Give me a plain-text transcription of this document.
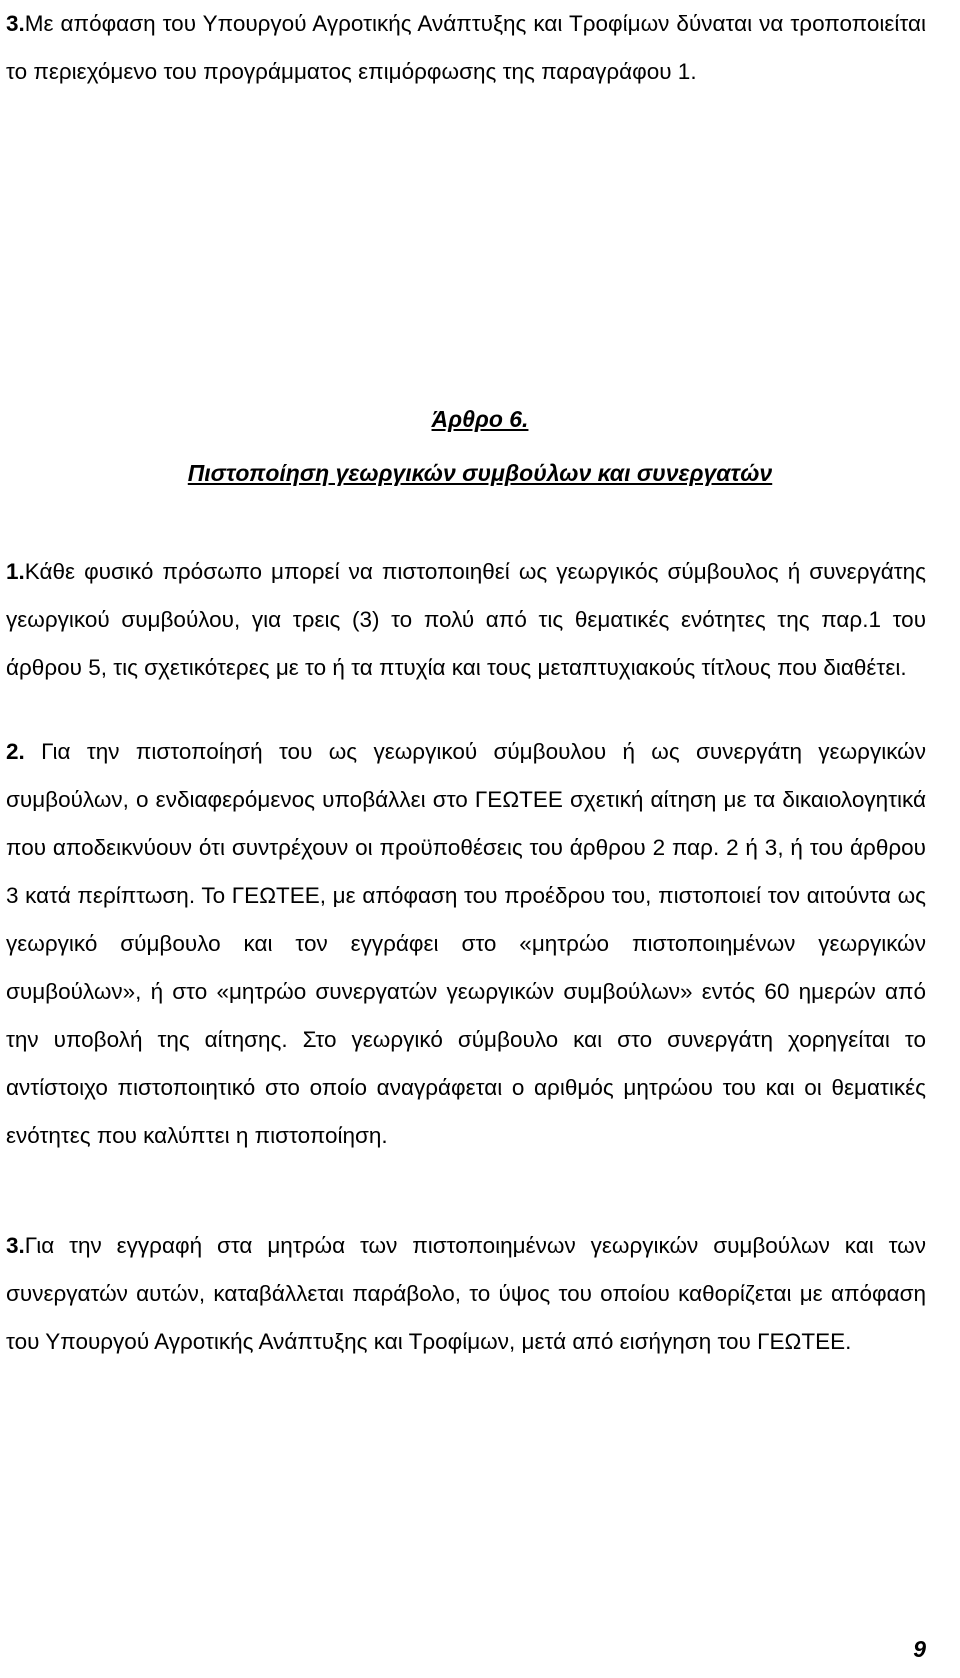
3.Με απόφαση του Υπουργού Αγροτικής Ανάπτυξης και Τροφίμων δύναται να τροποποιείται το περιεχόμενο του προγράμματος επιμόρφωσης της παραγράφου 1.

Άρθρο 6.

Πιστοποίηση γεωργικών συμβούλων και συνεργατών

1.Κάθε φυσικό πρόσωπο μπορεί να πιστοποιηθεί ως γεωργικός σύμβουλος ή συνεργάτης γεωργικού συμβούλου, για τρεις (3) το πολύ από τις θεματικές ενότητες της παρ.1 του άρθρου 5, τις σχετικότερες με το ή τα πτυχία και τους μεταπτυχιακούς τίτλους που διαθέτει.

2. Για την πιστοποίησή του ως γεωργικού σύμβουλου ή ως συνεργάτη γεωργικών συμβούλων, ο ενδιαφερόμενος υποβάλλει στο ΓΕΩΤΕΕ σχετική αίτηση με τα δικαιολογητικά που αποδεικνύουν ότι συντρέχουν οι προϋποθέσεις του άρθρου 2 παρ. 2 ή 3, ή του άρθρου 3 κατά περίπτωση. Το ΓΕΩΤΕΕ, με απόφαση του προέδρου του, πιστοποιεί τον αιτούντα ως γεωργικό σύμβουλο και τον εγγράφει στο «μητρώο πιστοποιημένων γεωργικών συμβούλων», ή στο «μητρώο συνεργατών γεωργικών συμβούλων» εντός 60 ημερών από την υποβολή της αίτησης. Στο γεωργικό σύμβουλο και στο συνεργάτη χορηγείται το αντίστοιχο πιστοποιητικό στο οποίο αναγράφεται ο αριθμός μητρώου του και οι θεματικές ενότητες που καλύπτει η πιστοποίηση.

3.Για την εγγραφή στα μητρώα των πιστοποιημένων γεωργικών συμβούλων και των συνεργατών αυτών, καταβάλλεται παράβολο, το ύψος του οποίου καθορίζεται με απόφαση του Υπουργού Αγροτικής Ανάπτυξης και Τροφίμων, μετά από εισήγηση του ΓΕΩΤΕΕ.

9
